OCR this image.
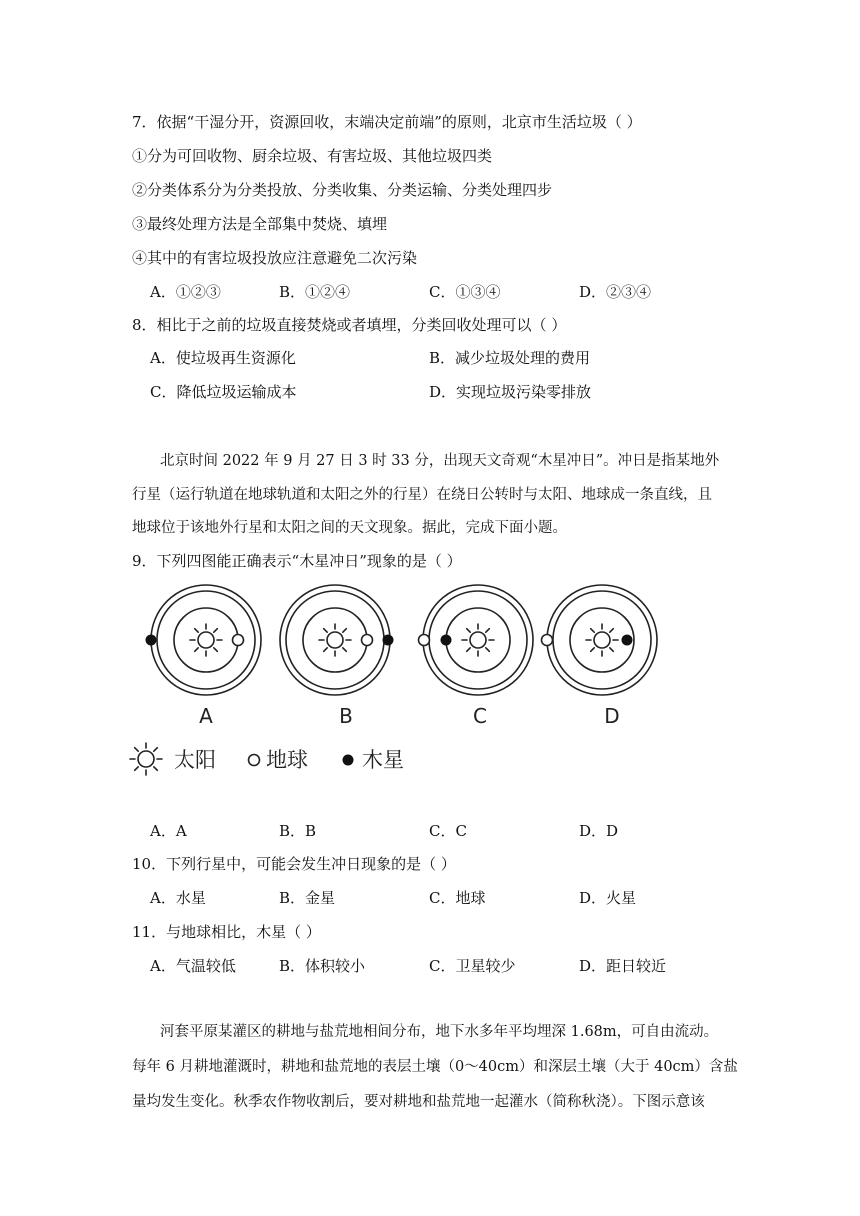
7．依据“干湿分开，资源回收，末端决定前端”的原则，北京市生活垃圾（ ）
①分为可回收物、厨余垃圾、有害垃圾、其他垃圾四类
②分类体系分为分类投放、分类收集、分类运输、分类处理四步
③最终处理方法是全部集中焚烧、填埋
④其中的有害垃圾投放应注意避免二次污染
A．①②③	B．①②④	C．①③④	D．②③④
8．相比于之前的垃圾直接焚烧或者填埋，分类回收处理可以（ ）
A．使垃圾再生资源化	B．减少垃圾处理的费用
C．降低垃圾运输成本	D．实现垃圾污染零排放
北京时间 2022 年 9 月 27 日 3 时 33 分，出现天文奇观“木星冲日”。冲日是指某地外
行星（运行轨道在地球轨道和太阳之外的行星）在绕日公转时与太阳、地球成一条直线，且
地球位于该地外行星和太阳之间的天文现象。据此，完成下面小题。
9．下列四图能正确表示“木星冲日”现象的是（ ）
A	B	C	D
太阳 地球	木星
A．A	B．B	C．C	D．D
10．下列行星中，可能会发生冲日现象的是（ ）
A．水星	B．金星	C．地球	D．火星
11．与地球相比，木星（ ）
A．气温较低	B．体积较小	C．卫星较少	D．距日较近
河套平原某灌区的耕地与盐荒地相间分布，地下水多年平均埋深 1.68m，可自由流动。
每年 6 月耕地灌溉时，耕地和盐荒地的表层土壤（0～40cm）和深层土壤（大于 40cm）含盐
量均发生变化。秋季农作物收割后，要对耕地和盐荒地一起灌水（简称秋浇）。下图示意该
